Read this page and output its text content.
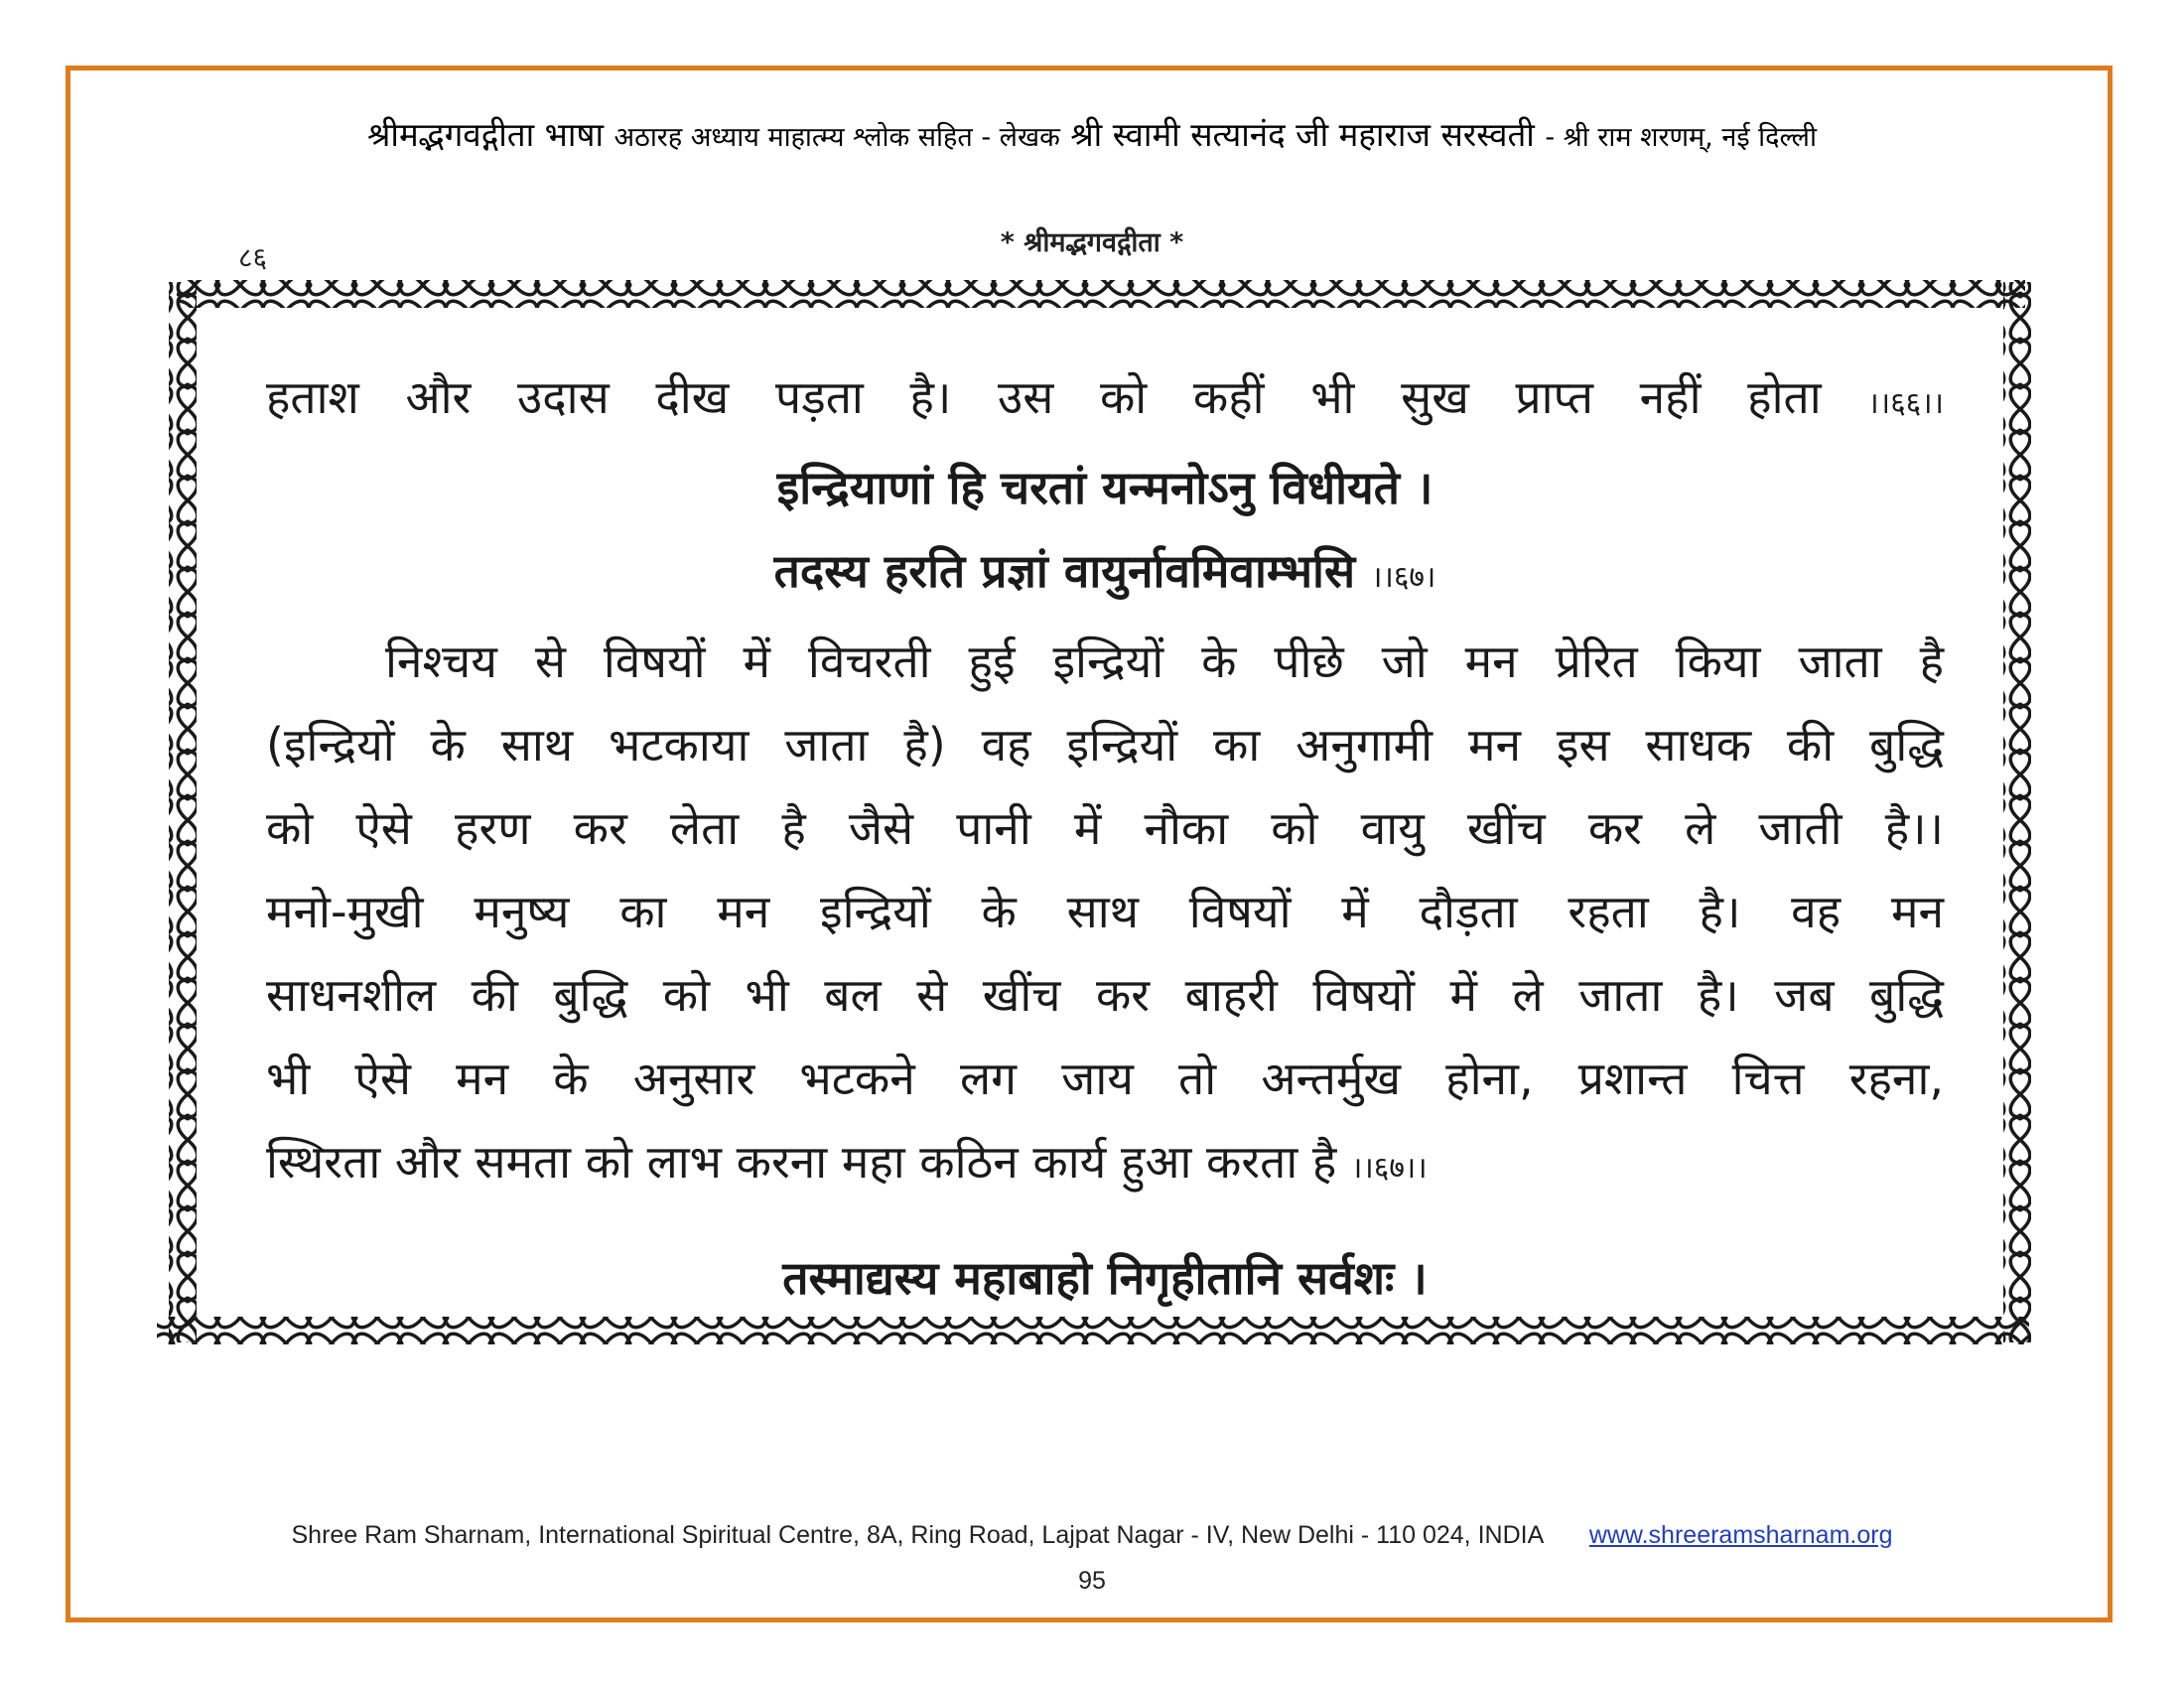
श्रीमद्भगवद्गीता भाषा अठारह अध्याय माहात्म्य श्लोक सहित - लेखक श्री स्वामी सत्यानंद जी महाराज सरस्वती - श्री राम शरणम्, नई दिल्ली
* श्रीमद्भगवद्गीता *
८६
हताश और उदास दीख पड़ता है। उस को कहीं भी सुख प्राप्त नहीं होता ।।६६।।
इन्द्रियाणां हि चरतां यन्मनोऽनु विधीयते ।
तदस्य हरति प्रज्ञां वायुर्नावमिवाम्भसि ।।६७।
निश्चय से विषयों में विचरती हुई इन्द्रियों के पीछे जो मन प्रेरित किया जाता है
(इन्द्रियों के साथ भटकाया जाता है) वह इन्द्रियों का अनुगामी मन इस साधक की बुद्धि
को ऐसे हरण कर लेता है जैसे पानी में नौका को वायु खींच कर ले जाती है।।
मनो-मुखी मनुष्य का मन इन्द्रियों के साथ विषयों में दौड़ता रहता है। वह मन
साधनशील की बुद्धि को भी बल से खींच कर बाहरी विषयों में ले जाता है। जब बुद्धि
भी ऐसे मन के अनुसार भटकने लग जाय तो अन्तर्मुख होना, प्रशान्त चित्त रहना,
स्थिरता और समता को लाभ करना महा कठिन कार्य हुआ करता है ।।६७।।
तस्माद्यस्य महाबाहो निगृहीतानि सर्वशः ।
Shree Ram Sharnam, International Spiritual Centre, 8A, Ring Road, Lajpat Nagar - IV, New Delhi - 110 024, INDIA www.shreeramsharnam.org
95
